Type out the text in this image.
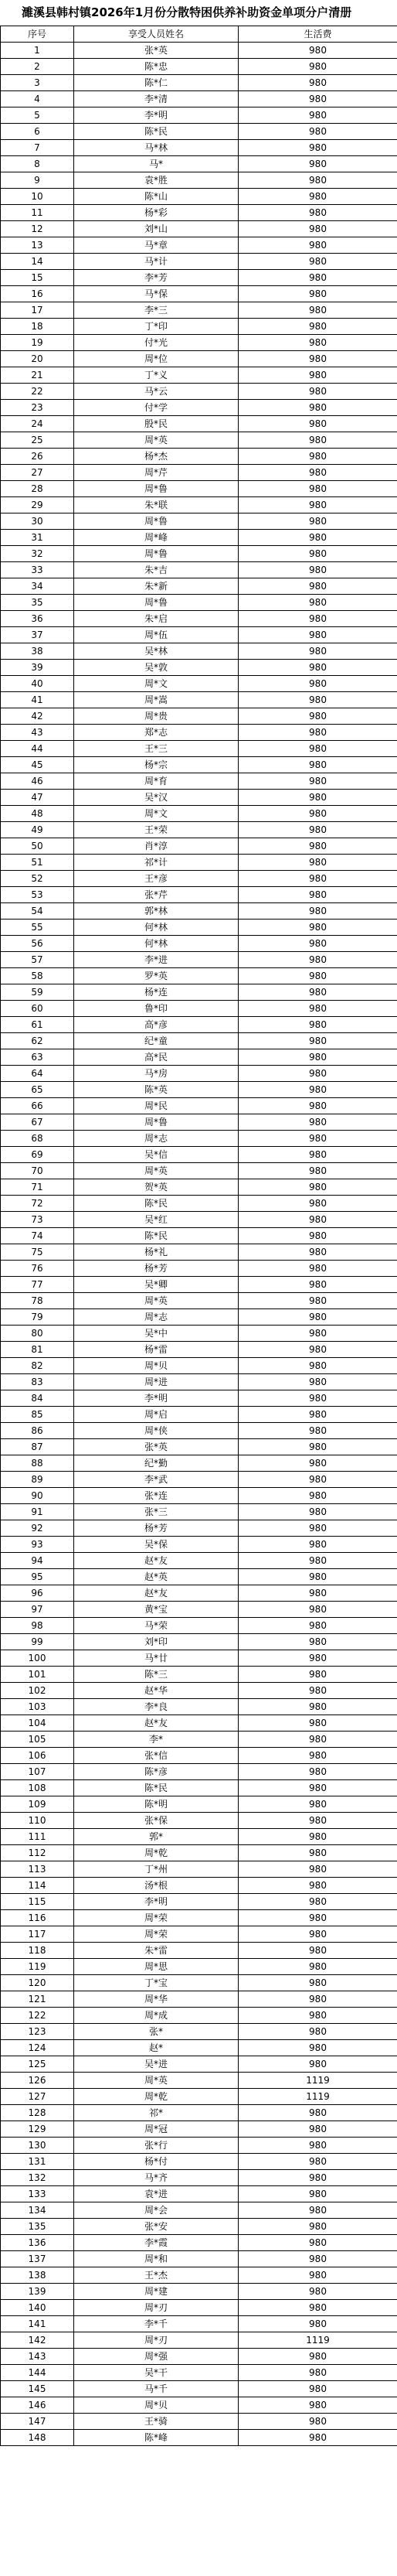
濉溪县韩村镇2026年1月份分散特困供养补助资金单项分户清册
序号	享受人员姓名	生活费
1	张*英	980
2	陈*忠	980
3	陈*仁	980
4	李*清	980
5	李*明	980
6	陈*民	980
7	马*林	980
8	马*	980
9	袁*胜	980
10	陈*山	980
11	杨*彩	980
12	刘*山	980
13	马*章	980
14	马*计	980
15	李*芳	980
16	马*保	980
17	李*三	980
18	丁*印	980
19	付*光	980
20	周*位	980
21	丁*义	980
22	马*云	980
23	付*学	980
24	殷*民	980
25	周*英	980
26	杨*杰	980
27	周*芹	980
28	周*鲁	980
29	朱*联	980
30	周*鲁	980
31	周*峰	980
32	周*鲁	980
33	朱*吉	980
34	朱*新	980
35	周*鲁	980
36	朱*启	980
37	周*伍	980
38	吴*林	980
39	吴*敦	980
40	周*文	980
41	周*嵩	980
42	周*贵	980
43	郑*志	980
44	王*三	980
45	杨*宗	980
46	周*育	980
47	吴*汉	980
48	周*文	980
49	王*荣	980
50	肖*淳	980
51	祁*计	980
52	王*彦	980
53	张*芹	980
54	郭*林	980
55	何*林	980
56	何*林	980
57	李*进	980
58	罗*英	980
59	杨*连	980
60	鲁*印	980
61	高*彦	980
62	纪*童	980
63	高*民	980
64	马*房	980
65	陈*英	980
66	周*民	980
67	周*鲁	980
68	周*志	980
69	吴*信	980
70	周*英	980
71	贺*英	980
72	陈*民	980
73	吴*红	980
74	陈*民	980
75	杨*礼	980
76	杨*芳	980
77	吴*卿	980
78	周*英	980
79	周*志	980
80	吴*中	980
81	杨*雷	980
82	周*贝	980
83	周*进	980
84	李*明	980
85	周*启	980
86	周*侠	980
87	张*英	980
88	纪*勤	980
89	李*武	980
90	张*连	980
91	张*三	980
92	杨*芳	980
93	吴*保	980
94	赵*友	980
95	赵*英	980
96	赵*友	980
97	黄*宝	980
98	马*荣	980
99	刘*印	980
100	马*廿	980
101	陈*三	980
102	赵*华	980
103	李*良	980
104	赵*友	980
105	李*	980
106	张*信	980
107	陈*彦	980
108	陈*民	980
109	陈*明	980
110	张*保	980
111	郭*	980
112	周*乾	980
113	丁*州	980
114	汤*根	980
115	李*明	980
116	周*荣	980
117	周*荣	980
118	朱*雷	980
119	周*思	980
120	丁*宝	980
121	周*华	980
122	周*成	980
123	张*	980
124	赵*	980
125	吴*进	980
126	周*英	1119
127	周*乾	1119
128	祁*	980
129	周*冠	980
130	张*行	980
131	杨*付	980
132	马*齐	980
133	袁*进	980
134	周*会	980
135	张*安	980
136	李*霞	980
137	周*和	980
138	王*杰	980
139	周*建	980
140	周*刃	980
141	李*千	980
142	周*刃	1119
143	周*强	980
144	吴*干	980
145	马*千	980
146	周*贝	980
147	王*骑	980
148	陈*峰	980
